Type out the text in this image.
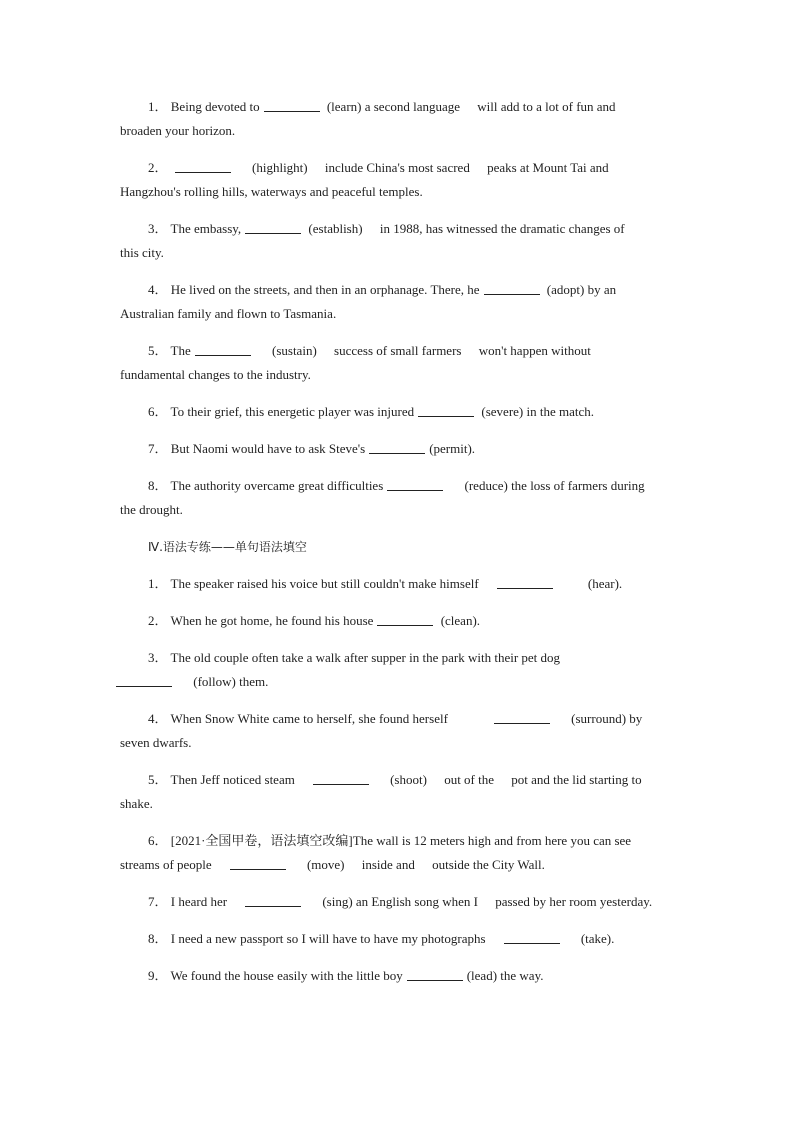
1． Being devoted to	(learn) a second language will add to a lot of fun and
broaden your horizon.

2．	(highlight) include China's most sacred peaks at Mount Tai and
Hangzhou's rolling hills, waterways and peaceful temples.

3． The embassy,	(establish) in 1988, has witnessed the dramatic changes of
this city.

4． He lived on the streets, and then in an orphanage. There, he	(adopt) by an
Australian family and flown to Tasmania.

5． The	(sustain) success of small farmers won't happen without
fundamental changes to the industry.

6． To their grief, this energetic player was injured	(severe) in the match.

7． But Naomi would have to ask Steve's	(permit).

8． The authority overcame great difficulties	(reduce) the loss of farmers during
the drought.

Ⅳ.语法专练——单句语法填空

1． The speaker raised his voice but still couldn't make himself	(hear).

2． When he got home, he found his house	(clean).

3． The old couple often take a walk after supper in the park with their pet dog
(follow) them.

4． When Snow White came to herself, she found herself	(surround) by
seven dwarfs.

5． Then Jeff noticed steam	(shoot) out of the pot and the lid starting to
shake.

6． [2021·全国甲卷，语法填空改编]The wall is 12 meters high and from here you can see
streams of people	(move) inside and outside the City Wall.

7． I heard her	(sing) an English song when I passed by her room yesterday.

8． I need a new passport so I will have to have my photographs	(take).

9． We found the house easily with the little boy	(lead) the way.
